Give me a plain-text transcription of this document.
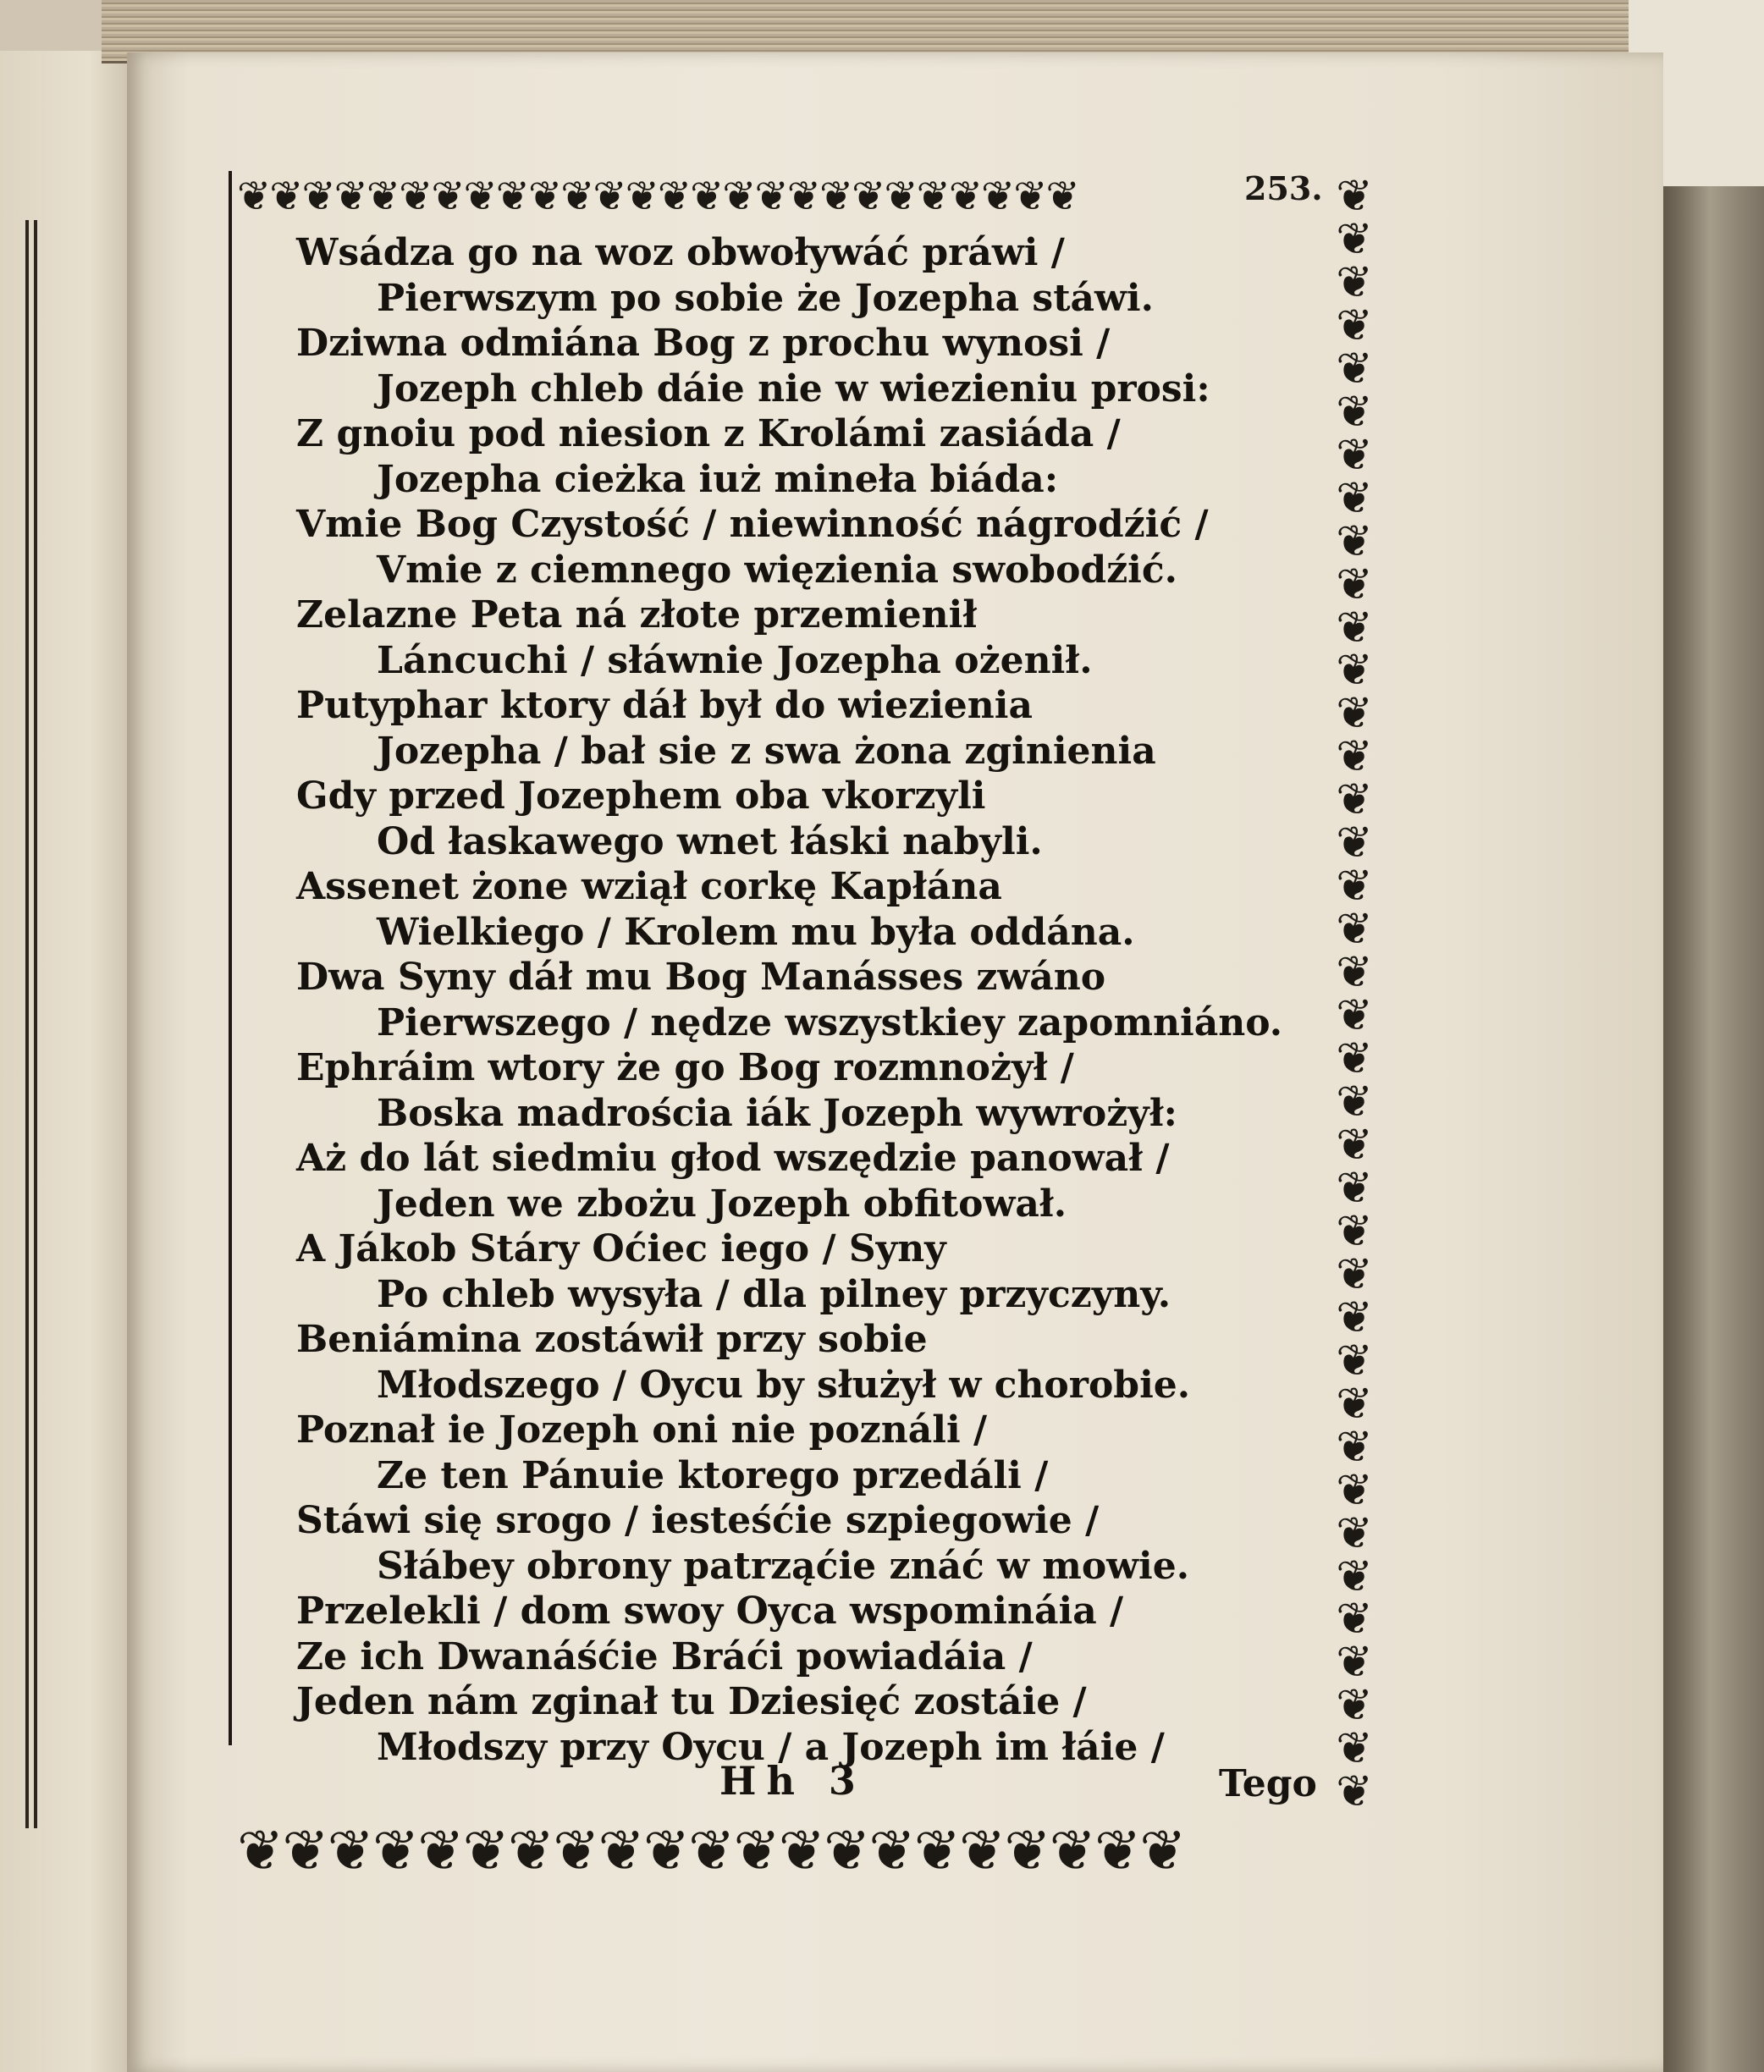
❦ ❦ ❦ ❦ ❦ ❦ ❦ ❦ ❦ ❦ ❦ ❦ ❦ ❦ ❦ ❦ ❦ ❦ ❦ ❦ ❦ ❦ ❦ ❦ ❦ ❦	253. ❦
❦
❦
❦
❦
❦
❦
❦
❦
❦
❦
❦
❦
❦
❦
❦
❦
❦
❦
❦
❦
❦
❦
❦
❦
❦
❦
❦
❦
❦
❦
❦
❦
❦
❦
❦
❦
❦
Wsádza go na woz obwoływáć práwi /
Pierwszym po sobie że Jozepha stáwi.
Dziwna odmiána Bog z prochu wynosi /
Jozeph chleb dáie nie w wiezieniu prosi:
Z gnoiu pod niesion z Krolámi zasiáda /
Jozepha cieżka iuż mineła biáda:
Vmie Bog Czystość / niewinność nágrodźić /
Vmie z ciemnego więzienia swobodźić.
Zelazne Peta ná złote przemienił
Láncuchi / słáwnie Jozepha ożenił.
Putyphar ktory dáł był do wiezienia
Jozepha / bał sie z swa żona zginienia
Gdy przed Jozephem oba vkorzyli
Od łaskawego wnet łáski nabyli.
Assenet żone wziął corkę Kapłána
Wielkiego / Krolem mu była oddána.
Dwa Syny dáł mu Bog Manásses zwáno
Pierwszego / nędze wszystkiey zapomniáno.
Ephráim wtory że go Bog rozmnożył /
Boska madrościa iák Jozeph wywrożył:
Aż do lát siedmiu głod wszędzie panował /
Jeden we zbożu Jozeph obfitował.
A Jákob Stáry Oćiec iego / Syny
Po chleb wysyła / dla pilney przyczyny.
Beniámina zostáwił przy sobie
Młodszego / Oycu by służył w chorobie.
Poznał ie Jozeph oni nie poználi /
Ze ten Pánuie ktorego przedáli /
Stáwi się srogo / iesteśćie szpiegowie /
Słábey obrony patrząćie znáć w mowie.
Przelekli / dom swoy Oyca wspomináia /
Ze ich Dwanáśćie Bráći powiadáia /
Jeden nám zginał tu Dziesięć zostáie /
Młodszy przy Oycu / a Jozeph im łáie /
Hh 3	Tego
❦ ❦ ❦ ❦ ❦ ❦ ❦ ❦ ❦ ❦ ❦ ❦ ❦ ❦ ❦ ❦ ❦ ❦ ❦ ❦ ❦
